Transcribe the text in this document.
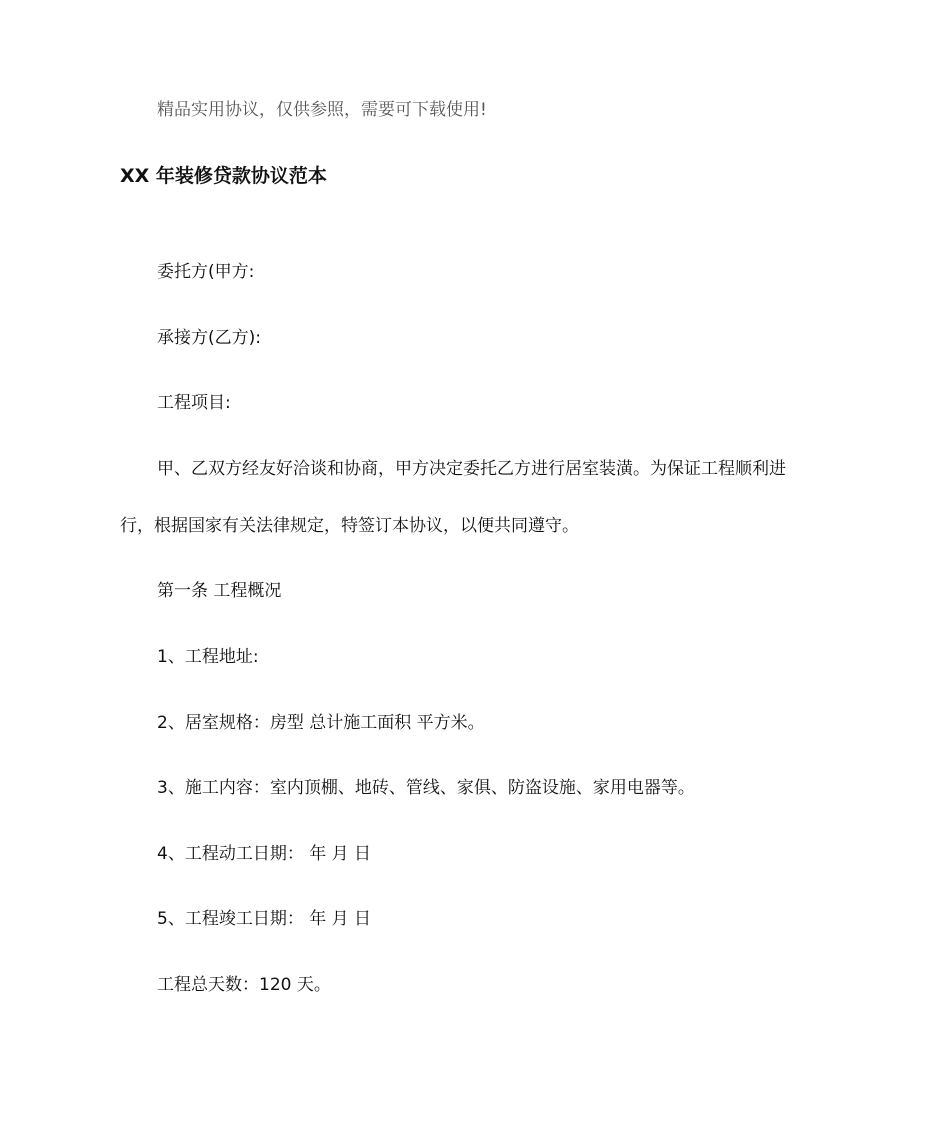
精品实用协议，仅供参照，需要可下载使用!
XX 年装修贷款协议范本
委托方(甲方:
承接方(乙方):
工程项目:
甲、乙双方经友好洽谈和协商，甲方决定委托乙方进行居室装潢。为保证工程顺利进
行，根据国家有关法律规定，特签订本协议，以便共同遵守。
第一条 工程概况
1、工程地址:
2、居室规格：房型 总计施工面积 平方米。
3、施工内容：室内顶棚、地砖、管线、家俱、防盗设施、家用电器等。
4、工程动工日期： 年 月 日
5、工程竣工日期： 年 月 日
工程总天数：120 天。
